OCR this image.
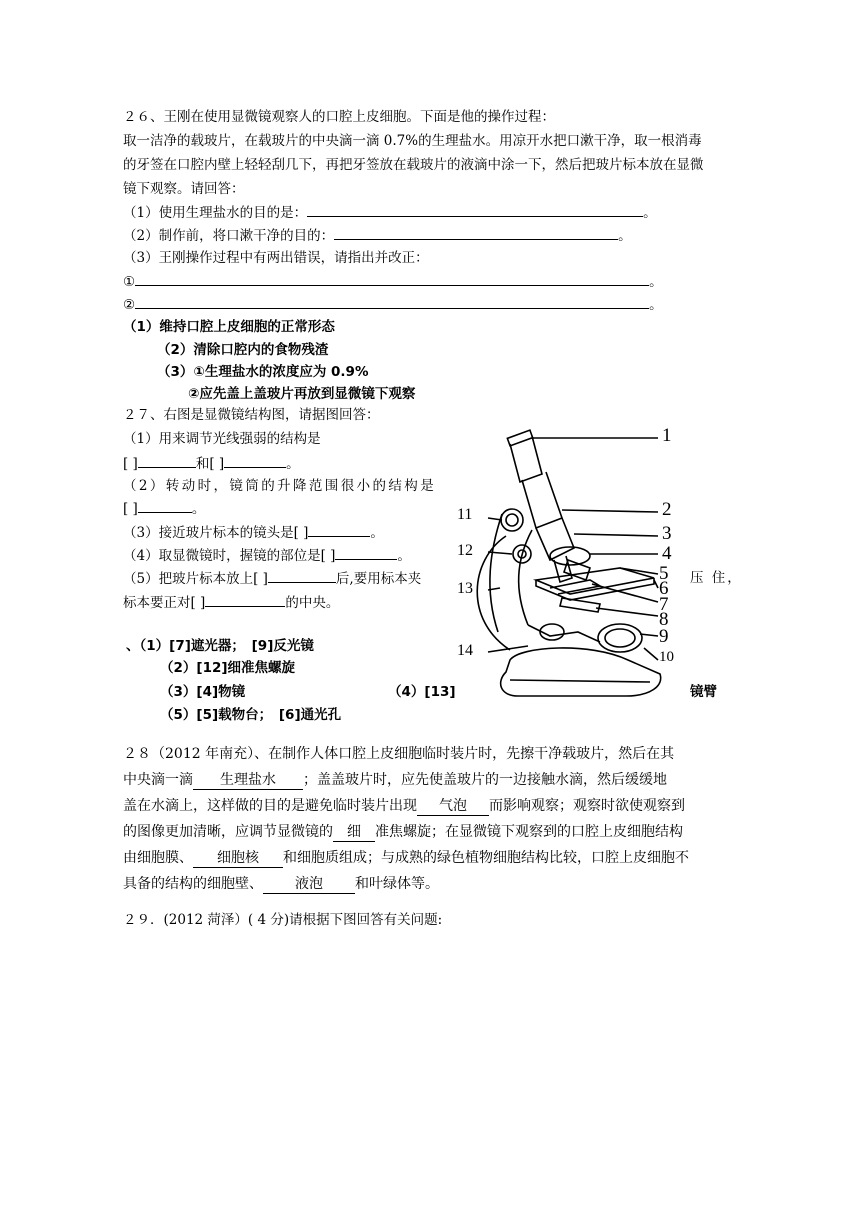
２６、王刚在使用显微镜观察人的口腔上皮细胞。下面是他的操作过程：
取一洁净的载玻片，在载玻片的中央滴一滴 0.7%的生理盐水。用凉开水把口漱干净，取一根消毒
的牙签在口腔内壁上轻轻刮几下，再把牙签放在载玻片的液滴中涂一下，然后把玻片标本放在显微
镜下观察。请回答：
（1）使用生理盐水的目的是：	。
（2）制作前，将口漱干净的目的：	。
（3）王刚操作过程中有两出错误，请指出并改正：
①	。
②	。
（1）维持口腔上皮细胞的正常形态
（2）清除口腔内的食物残渣
（3）①生理盐水的浓度应为 0.9%
②应先盖上盖玻片再放到显微镜下观察
２７、右图是显微镜结构图，请据图回答：
（1）用来调节光线强弱的结构是
[ ]	和[ ]	。
（2）转动时，镜筒的升降范围很小的结构是
[ ]	。
（3）接近玻片标本的镜头是[ ]	。
（4）取显微镜时，握镜的部位是[ ]	。
（5）把玻片标本放上[ ]	后,要用标本夹	压 住，
标本要正对[ ]	的中央。
、（1）[7]遮光器；　[9]反光镜
（2）[12]细准焦螺旋
（3）[4]物镜	（4）[13]	镜臂
（5）[5]载物台；　[6]通光孔
1
2
3
4
5
6
7
8
9
10
11
12
13
14
２８（2012 年南充）、在制作人体口腔上皮细胞临时装片时，先擦干净载玻片，然后在其
中央滴一滴 生理盐水 ；盖盖玻片时，应先使盖玻片的一边接触水滴，然后缓缓地
盖在水滴上，这样做的目的是避免临时装片出现 气泡 而影响观察；观察时欲使观察到
的图像更加清晰，应调节显微镜的 细 准焦螺旋；在显微镜下观察到的口腔上皮细胞结构
由细胞膜、 细胞核 和细胞质组成；与成熟的绿色植物细胞结构比较，口腔上皮细胞不
具备的结构的细胞壁、 液泡 和叶绿体等。
２９．(2012 菏泽）( 4 分)请根据下图回答有关问题:
